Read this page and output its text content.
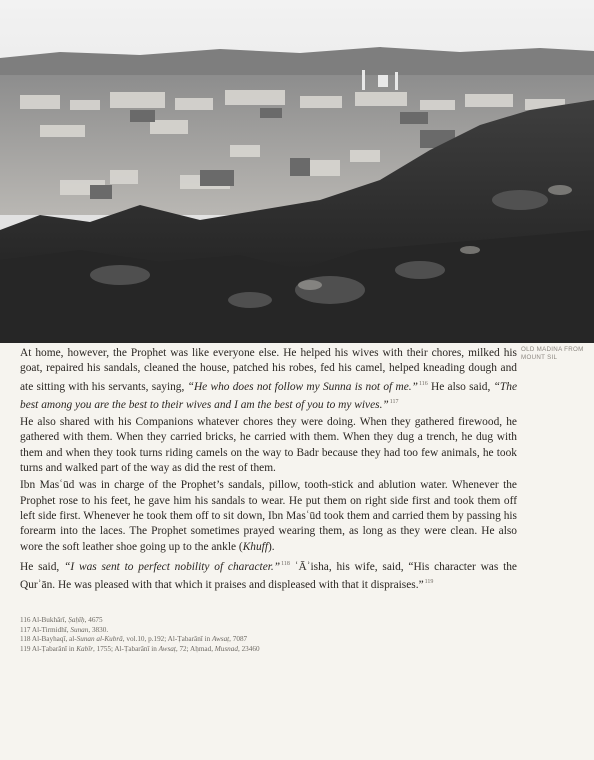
OLD MADINA FROM MOUNT SIL

At home, however, the Prophet was like everyone else. He helped his wives with their chores, milked his goat, repaired his sandals, cleaned the house, patched his robes, fed his camel, helped kneading dough and ate sitting with his servants, saying, “He who does not follow my Sunna is not of me.”$^{116}$ He also said, “The best among you are the best to their wives and I am the best of you to my wives.”$^{117}$

He also shared with his Companions whatever chores they were doing. When they gathered firewood, he gathered with them. When they carried bricks, he carried with them. When they dug a trench, he dug with them and when they took turns riding camels on the way to Badr because they had too few animals, he took turns and walked part of the way as did the rest of them.

Ibn Masʿūd was in charge of the Prophet’s sandals, pillow, tooth-stick and ablution water. Whenever the Prophet rose to his feet, he gave him his sandals to wear. He put them on right side first and took them off left side first. Whenever he took them off to sit down, Ibn Masʿūd took them and carried them by passing his forearm into the laces. The Prophet sometimes prayed wearing them, as long as they were clean. He also wore the soft leather shoe going up to the ankle (Khuff).

He said, “I was sent to perfect nobility of character.”$^{118}$ ʿĀʾisha, his wife, said, “His character was the Qurʾān. He was pleased with that which it praises and displeased with that it dispraises.”$^{119}$

116 Al-Bukhārī, Ṣaḥīḥ, 4675
117 Al-Tirmidhī, Sunan, 3830.
118 Al-Bayhaqī, al-Sunan al-Kubrā, vol.10, p.192; Al-Ṭabarānī in Awsaṭ, 7087
119 Al-Ṭabarānī in Kabīr, 1755; Al-Ṭabarānī in Awsaṭ, 72; Aḥmad, Musnad, 23460
